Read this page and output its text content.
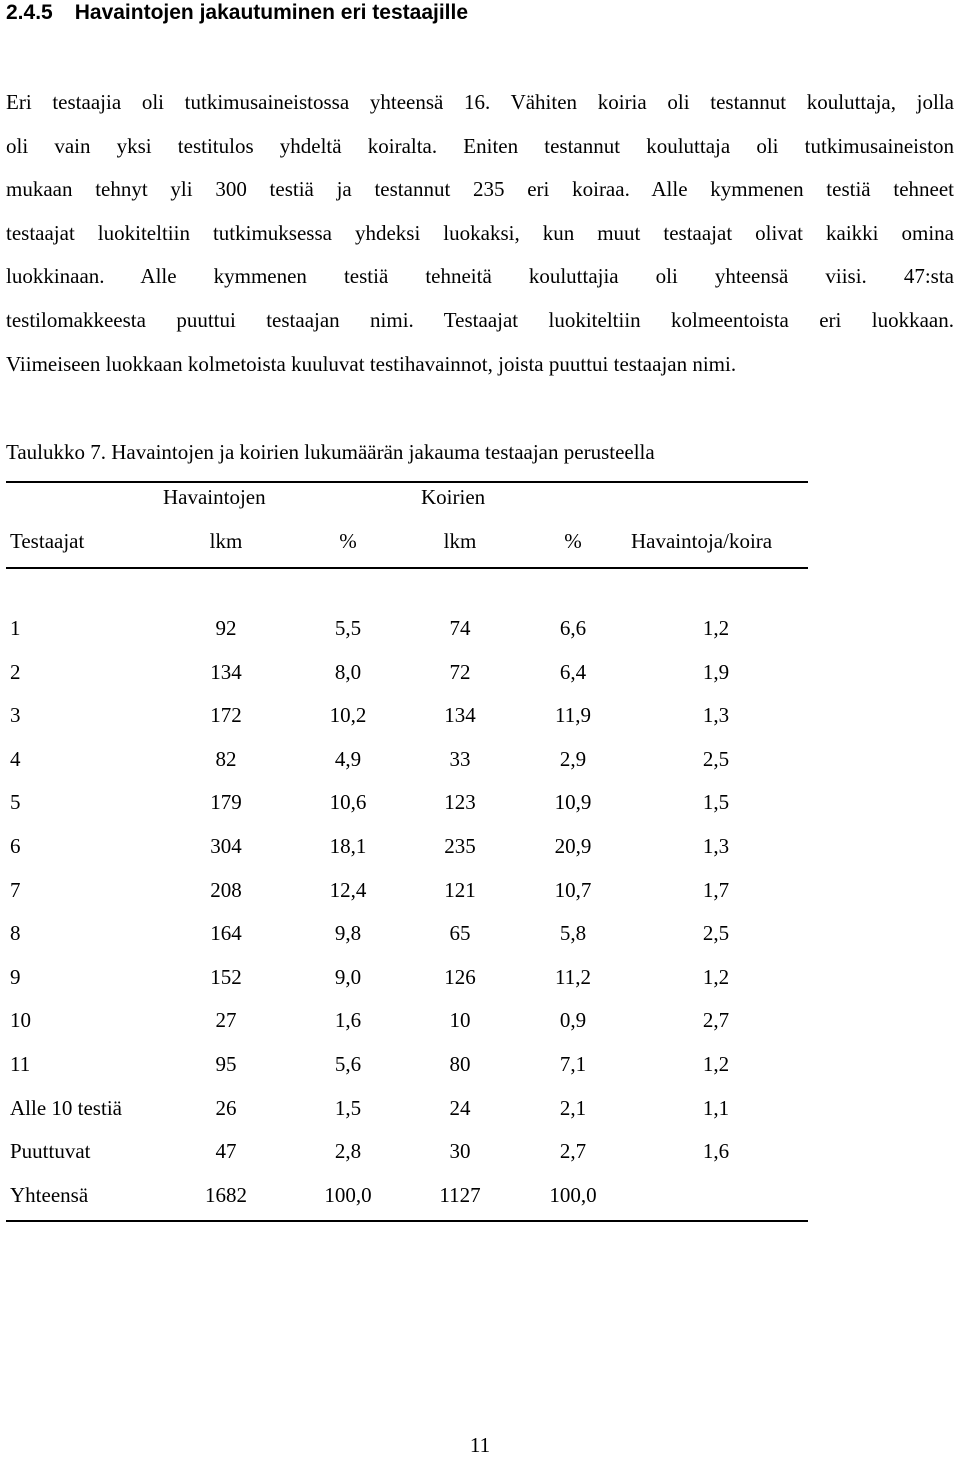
2.4.5 Havaintojen jakautuminen eri testaajille
Eri testaajia oli tutkimusaineistossa yhteensä 16. Vähiten koiria oli testannut kouluttaja, jolla
oli vain yksi testitulos yhdeltä koiralta. Eniten testannut kouluttaja oli tutkimusaineiston
mukaan tehnyt yli 300 testiä ja testannut 235 eri koiraa. Alle kymmenen testiä tehneet
testaajat luokiteltiin tutkimuksessa yhdeksi luokaksi, kun muut testaajat olivat kaikki omina
luokkinaan. Alle kymmenen testiä tehneitä kouluttajia oli yhteensä viisi. 47:sta
testilomakkeesta puuttui testaajan nimi. Testaajat luokiteltiin kolmeentoista eri luokkaan.
Viimeiseen luokkaan kolmetoista kuuluvat testihavainnot, joista puuttui testaajan nimi.
Taulukko 7. Havaintojen ja koirien lukumäärän jakauma testaajan perusteella
Havaintojen	Koirien
Testaajat	lkm	%	lkm	%	Havaintoja/koira
1	92	5,5	74	6,6	1,2
2	134	8,0	72	6,4	1,9
3	172	10,2	134	11,9	1,3
4	82	4,9	33	2,9	2,5
5	179	10,6	123	10,9	1,5
6	304	18,1	235	20,9	1,3
7	208	12,4	121	10,7	1,7
8	164	9,8	65	5,8	2,5
9	152	9,0	126	11,2	1,2
10	27	1,6	10	0,9	2,7
11	95	5,6	80	7,1	1,2
Alle 10 testiä	26	1,5	24	2,1	1,1
Puuttuvat	47	2,8	30	2,7	1,6
Yhteensä	1682	100,0	1127	100,0
11
